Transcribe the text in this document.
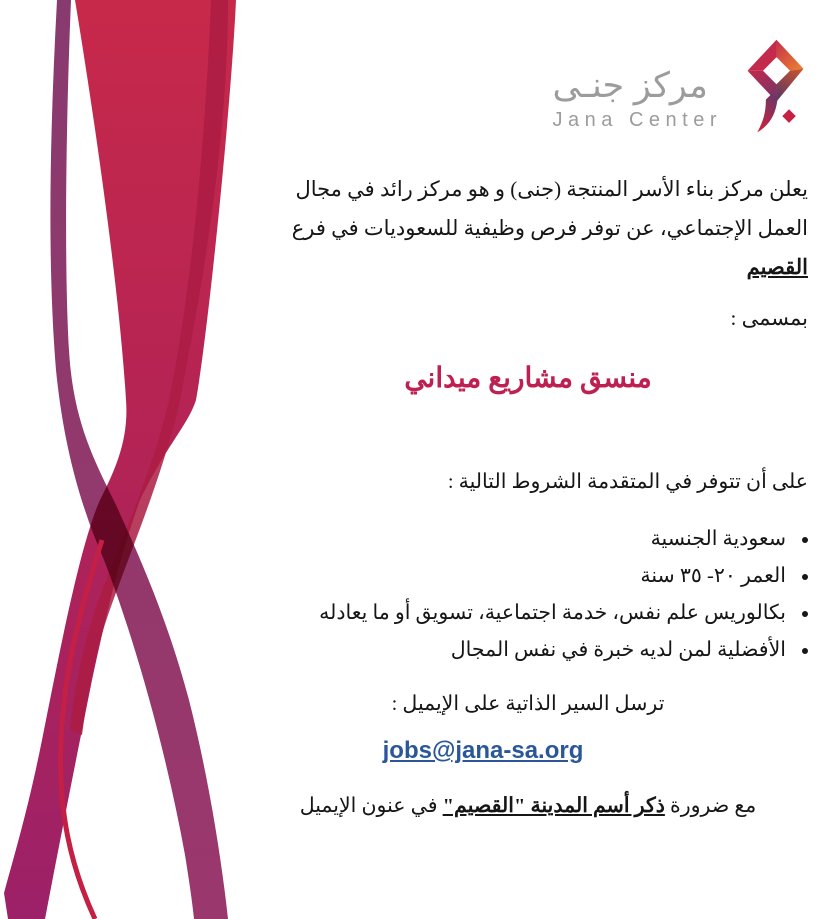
مركز جنـى
Jana Center

يعلن مركز بناء الأسر المنتجة (جنى) و هو مركز رائد في مجال العمل الإجتماعي، عن توفر فرص وظيفية للسعوديات في فرع القصيم

بمسمى :

منسق مشاريع ميداني

على أن تتوفر في المتقدمة الشروط التالية :

• سعودية الجنسية
• العمر ٢٠- ٣٥ سنة
• بكالوريس علم نفس، خدمة اجتماعية، تسويق أو ما يعادله
• الأفضلية لمن لديه خبرة في نفس المجال

ترسل السير الذاتية على الإيميل :

jobs@jana-sa.org

مع ضرورة ذكر أسم المدينة "القصيم" في عنون الإيميل
